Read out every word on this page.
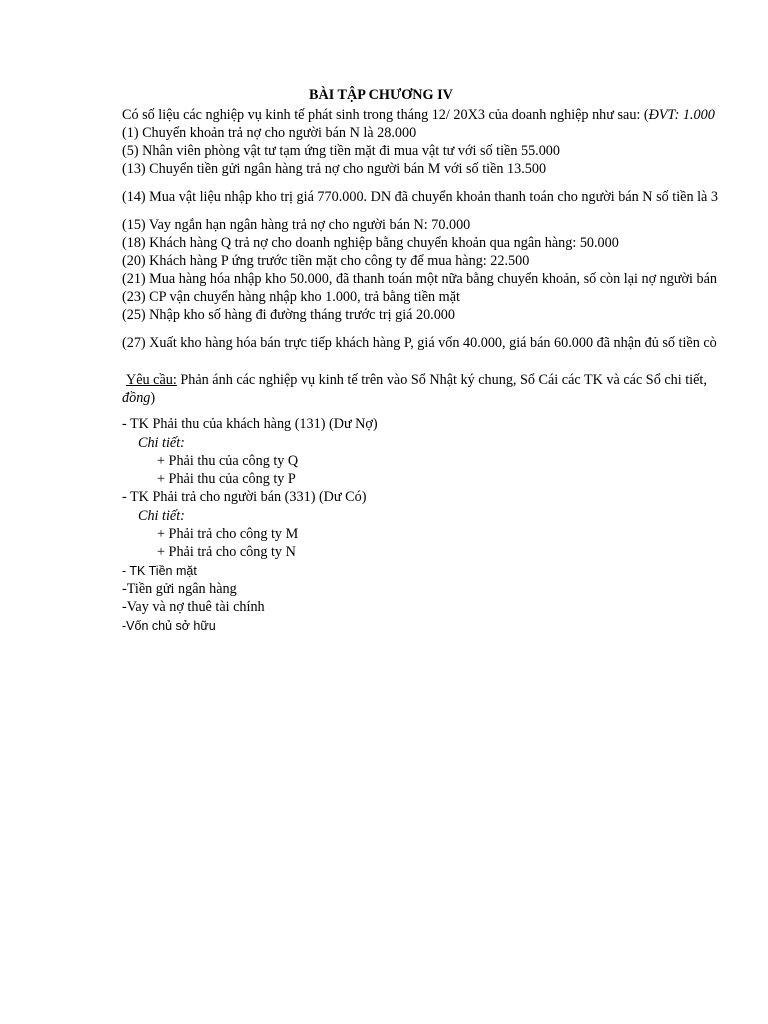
BÀI TẬP CHƯƠNG IV
Có số liệu các nghiệp vụ kinh tế phát sinh trong tháng 12/ 20X3 của doanh nghiệp như sau: (ĐVT: 1.000
(1) Chuyển khoản trả nợ cho người bán N là 28.000
(5) Nhân viên phòng vật tư tạm ứng tiền mặt đi mua vật tư với số tiền 55.000
(13) Chuyển tiền gửi ngân hàng trả nợ cho người bán M với số tiền 13.500
(14) Mua vật liệu nhập kho trị giá 770.000. DN đã chuyển khoản thanh toán cho người bán N số tiền là 3
(15) Vay ngắn hạn ngân hàng trả nợ cho người bán N: 70.000
(18) Khách hàng Q trả nợ cho doanh nghiệp bằng chuyển khoản qua ngân hàng: 50.000
(20) Khách hàng P ứng trước tiền mặt cho công ty để mua hàng: 22.500
(21) Mua hàng hóa nhập kho 50.000, đã thanh toán một nữa bằng chuyển khoản, số còn lại nợ người bán
(23) CP vận chuyển hàng nhập kho 1.000, trả bằng tiền mặt
(25) Nhập kho số hàng đi đường tháng trước trị giá 20.000
(27) Xuất kho hàng hóa bán trực tiếp khách hàng P, giá vốn 40.000, giá bán 60.000 đã nhận đủ số tiền cò
Yêu cầu: Phản ánh các nghiệp vụ kinh tế trên vào Sổ Nhật ký chung, Sổ Cái các TK và các Sổ chi tiết,
đồng)
- TK Phải thu của khách hàng (131) (Dư Nợ)
Chi tiết:
+ Phải thu của công ty Q
+ Phải thu của công ty P
- TK Phải trả cho người bán (331) (Dư Có)
Chi tiết:
+ Phải trả cho công ty M
+ Phải trả cho công ty N
- TK Tiền mặt
-Tiền gửi ngân hàng
-Vay và nợ thuê tài chính
-Vốn chủ sở hữu
